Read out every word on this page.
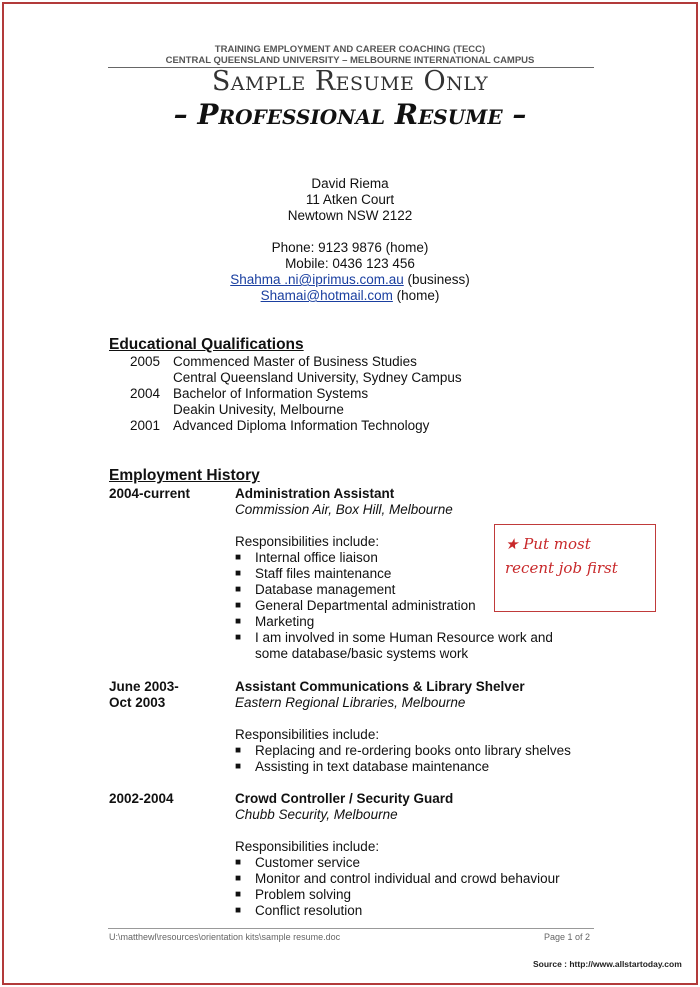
TRAINING EMPLOYMENT AND CAREER COACHING (TECC)
CENTRAL QUEENSLAND UNIVERSITY – MELBOURNE INTERNATIONAL CAMPUS
Sample Resume Only
– Professional Resume –
David Riema
11 Atken Court
Newtown NSW 2122
Phone: 9123 9876 (home)
Mobile: 0436 123 456
Shahma .ni@iprimus.com.au (business)
Shamai@hotmail.com (home)
Educational Qualifications
2005 Commenced Master of Business Studies
Central Queensland University, Sydney Campus
2004 Bachelor of Information Systems
Deakin Univesity, Melbourne
2001 Advanced Diploma Information Technology
Employment History
2004-current	Administration Assistant
Commission Air, Box Hill, Melbourne
Responsibilities include:
■ Internal office liaison
■ Staff files maintenance
■ Database management
■ General Departmental administration
■ Marketing
■ I am involved in some Human Resource work and
some database/basic systems work
June 2003-
Oct 2003
Assistant Communications & Library Shelver
Eastern Regional Libraries, Melbourne
Responsibilities include:
■ Replacing and re-ordering books onto library shelves
■ Assisting in text database maintenance
2002-2004	Crowd Controller / Security Guard
Chubb Security, Melbourne
Responsibilities include:
■ Customer service
■ Monitor and control individual and crowd behaviour
■ Problem solving
■ Conflict resolution
★ Put most
recent job first
U:\matthewl\resources\orientation kits\sample resume.doc	Page 1 of 2
Source : http://www.allstartoday.com
